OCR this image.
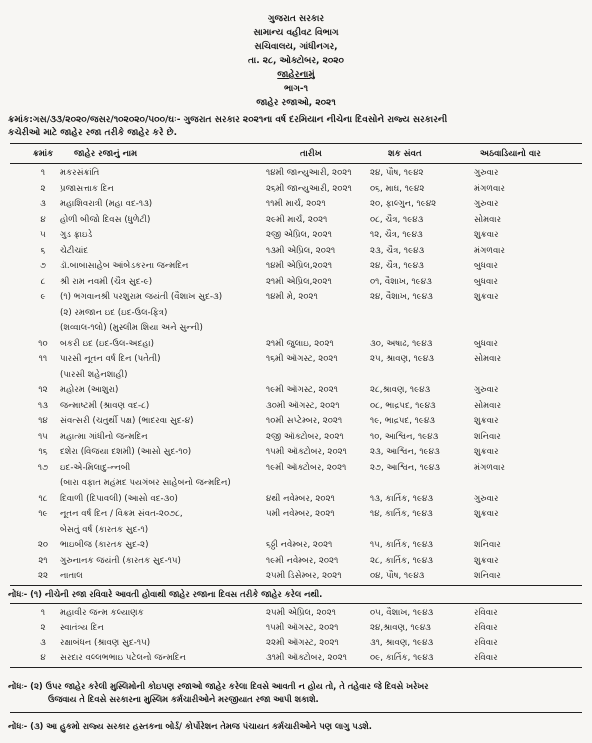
ગુજરાત સરકાર
સામાન્ય વહીવટ વિભાગ
સચિવાલય, ગાંધીનગર,
તા. ૨૮, ઓક્ટોબર, ૨૦૨૦
જાહેરનામું
ભાગ-૧
જાહેર રજાઓ, ૨૦૨૧
ક્રમાંક:ગસ/૩૩/૨૦૨૦/જસર/૧૦૨૦૨૦/૫૦૦/ઘઃ- ગુજરાત સરકાર ૨૦૨૧ના વર્ષ દરમિયાન નીચેના દિવસોને રાજ્ય સરકારની
કચેરીઓ માટે જાહેર રજા તરીકે જાહેર કરે છે.
ક્રમાંક	જાહેર રજાનું નામ	તારીખ	શક સંવત	અઠવાડિયાનો વાર
૧	મકરસંક્રાંતિ	૧૪મી જાન્યુઆરી, ૨૦૨૧	૨૪, પૌષ, ૧૯૪૨	ગુરુવાર
૨	પ્રજાસત્તાક દિન	૨૬મી જાન્યુઆરી, ૨૦૨૧	૦૬, માઘ, ૧૯૪૨	મંગળવાર
૩	મહાશિવરાત્રી (મહા વદ-૧૩)	૧૧મી માર્ચ, ૨૦૨૧	૨૦, ફાલ્ગુન, ૧૯૪૨	ગુરુવાર
૪	હોળી બીજો દિવસ (ધુળેટી)	૨૯મી માર્ચ, ૨૦૨૧	૦૮, ચૈત્ર, ૧૯૪૩	સોમવાર
૫	ગુડ ફ્રાઇડે	૨જી એપ્રિલ, ૨૦૨૧	૧૨, ચૈત્ર, ૧૯૪૩	શુક્રવાર
૬	ચેટીચાંદ	૧૩મી એપ્રિલ, ૨૦૨૧	૨૩, ચૈત્ર, ૧૯૪૩	મંગળવાર
૭	ડૉ.બાબાસાહેબ આંબેડકરના જન્મદિન	૧૪મી એપ્રિલ,૨૦૨૧	૨૪, ચૈત્ર, ૧૯૪૩	બુધવાર
૮	શ્રી રામ નવમી (ચૈત્ર સુદ-૯)	૨૧મી એપ્રિલ,૨૦૨૧	૦૧, વૈશાખ, ૧૯૪૩	બુધવાર
૯	(૧) ભગવાનશ્રી પરશુરામ જયંતી (વૈશાખ સુદ-૩)	૧૪મી મે, ૨૦૨૧	૨૪, વૈશાખ, ૧૯૪૩	શુક્રવાર
(૨) રમજાન ઇદ (ઇદ-ઉલ-ફિત્ર)
(શવ્વાલ-૧લો) (મુસ્લીમ શિયા અને સુન્ની)
૧૦	બકરી ઇદ (ઇદ-ઉલ-અદહા)	૨૧મી જુલાઇ, ૨૦૨૧	૩૦, અષાઢ, ૧૯૪૩	બુધવાર
૧૧	પારસી નૂતન વર્ષ દિન (પતેતી)	૧૬મી ઑગસ્ટ, ૨૦૨૧	૨૫, શ્રાવણ, ૧૯૪૩	સોમવાર
(પારસી શહેનશાહી)
૧૨	મહોરમ (આશુરા)	૧૯મી ઑગસ્ટ, ૨૦૨૧	૨૮,શ્રાવણ, ૧૯૪૩	ગુરુવાર
૧૩	જન્માષ્ટમી (શ્રાવણ વદ-૮)	૩૦મી ઑગસ્ટ, ૨૦૨૧	૦૮, ભાદ્રપદ, ૧૯૪૩	સોમવાર
૧૪	સંવત્સરી (ચતુર્થી પક્ષ) (ભાદરવા સુદ-૪)	૧૦મી સપ્ટેમ્બર, ૨૦૨૧	૧૯, ભાદ્રપદ, ૧૯૪૩	શુક્રવાર
૧૫	મહાત્મા ગાંધીનો જન્મદિન	૨જી ઑક્ટોબર, ૨૦૨૧	૧૦, આશ્વિન, ૧૯૪૩	શનિવાર
૧૬	દશેરા (વિજયા દશમી) (આસો સુદ-૧૦)	૧૫મી ઑક્ટોબર, ૨૦૨૧	૨૩, આશ્વિન, ૧૯૪૩	શુક્રવાર
૧૭	ઇદ-એ-મિલાદુ-ન્નબી	૧૯મી ઑક્ટોબર, ૨૦૨૧	૨૭, આશ્વિન, ૧૯૪૩	મંગળવાર
(બારા વફાત મહંમદ પયગંબર સાહેબનો જન્મદિન)
૧૮	દિવાળી (દિપાવલી) (આસો વદ-૩૦)	૪થી નવેમ્બર, ૨૦૨૧	૧૩, કાર્તિક, ૧૯૪૩	ગુરુવાર
૧૯	નૂતન વર્ષ દિન / વિક્રમ સંવત-૨૦૭૮,	૫મી નવેમ્બર, ૨૦૨૧	૧૪, કાર્તિક, ૧૯૪૩	શુક્રવાર
બેસતું વર્ષ (કારતક સુદ-૧)
૨૦	ભાઇબીજ (કારતક સુદ-૨)	૬ઠ્ઠી નવેમ્બર, ૨૦૨૧	૧૫, કાર્તિક, ૧૯૪૩	શનિવાર
૨૧	ગુરુનાનક જયંતી (કારતક સુદ-૧૫)	૧૯મી નવેમ્બર, ૨૦૨૧	૨૮, કાર્તિક, ૧૯૪૩	શુક્રવાર
૨૨	નાતાલ	૨૫મી ડિસેમ્બર, ૨૦૨૧	૦૪, પૌષ, ૧૯૪૩	શનિવાર
નોંધઃ- (૧) નીચેની રજા રવિવારે આવતી હોવાથી જાહેર રજાના દિવસ તરીકે જાહેર કરેલ નથી.
૧	મહાવીર જન્મ કલ્યાણક	૨૫મી એપ્રિલ, ૨૦૨૧	૦૫, વૈશાખ, ૧૯૪૩	રવિવાર
૨	સ્વાતંત્ર્ય દિન	૧૫મી ઑગસ્ટ, ૨૦૨૧	૨૪,શ્રાવણ, ૧૯૪૩	રવિવાર
૩	રક્ષાબંધન (શ્રાવણ સુદ-૧૫)	૨૨મી ઑગસ્ટ, ૨૦૨૧	૩૧, શ્રાવણ, ૧૯૪૩	રવિવાર
૪	સરદાર વલ્લભભાઇ પટેલનો જન્મદિન	૩૧મી ઑક્ટોબર, ૨૦૨૧	૦૯, કાર્તિક, ૧૯૪૩	રવિવાર
નોંધઃ- (૨) ઉપર જાહેર કરેલી મુસ્લિમોની કોઇપણ રજાઓ જાહેર કરેલા દિવસે આવતી ન હોય તો, તે તહેવાર જે દિવસે ખરેખર
ઉજવાય તે દિવસે સરકારના મુસ્લિમ કર્મચારીઓને મરજીયાત રજા આપી શકાશે.
નોંધઃ- (૩) આ હુકમો રાજ્ય સરકાર હસ્તકના બોર્ડ/ કોર્પોરેશન તેમજ પંચાયત કર્મચારીઓને પણ લાગુ પડશે.
